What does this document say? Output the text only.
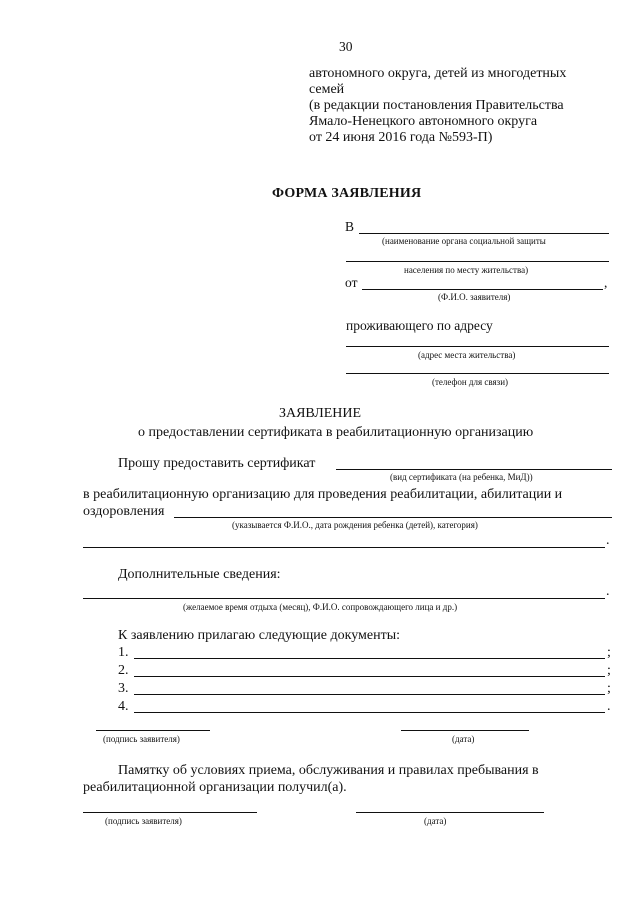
30
автономного округа, детей из многодетных
семей
(в редакции постановления Правительства
Ямало-Ненецкого автономного округа
от 24 июня 2016 года №593-П)
ФОРМА ЗАЯВЛЕНИЯ
В
(наименование органа социальной защиты
населения по месту жительства)
от	,
(Ф.И.О. заявителя)
проживающего по адресу
(адрес места жительства)
(телефон для связи)
ЗАЯВЛЕНИЕ
о предоставлении сертификата в реабилитационную организацию
Прошу предоставить сертификат
(вид сертификата (на ребенка, МиД))
в реабилитационную организацию для проведения реабилитации, абилитации и
оздоровления
(указывается Ф.И.О., дата рождения ребенка (детей), категория)
.
Дополнительные сведения:
.
(желаемое время отдыха (месяц), Ф.И.О. сопровождающего лица и др.)
К заявлению прилагаю следующие документы:
1.	;
2.	;
3.	;
4.	.
(подпись заявителя)	(дата)
Памятку об условиях приема, обслуживания и правилах пребывания в
реабилитационной организации получил(а).
(подпись заявителя)	(дата)
